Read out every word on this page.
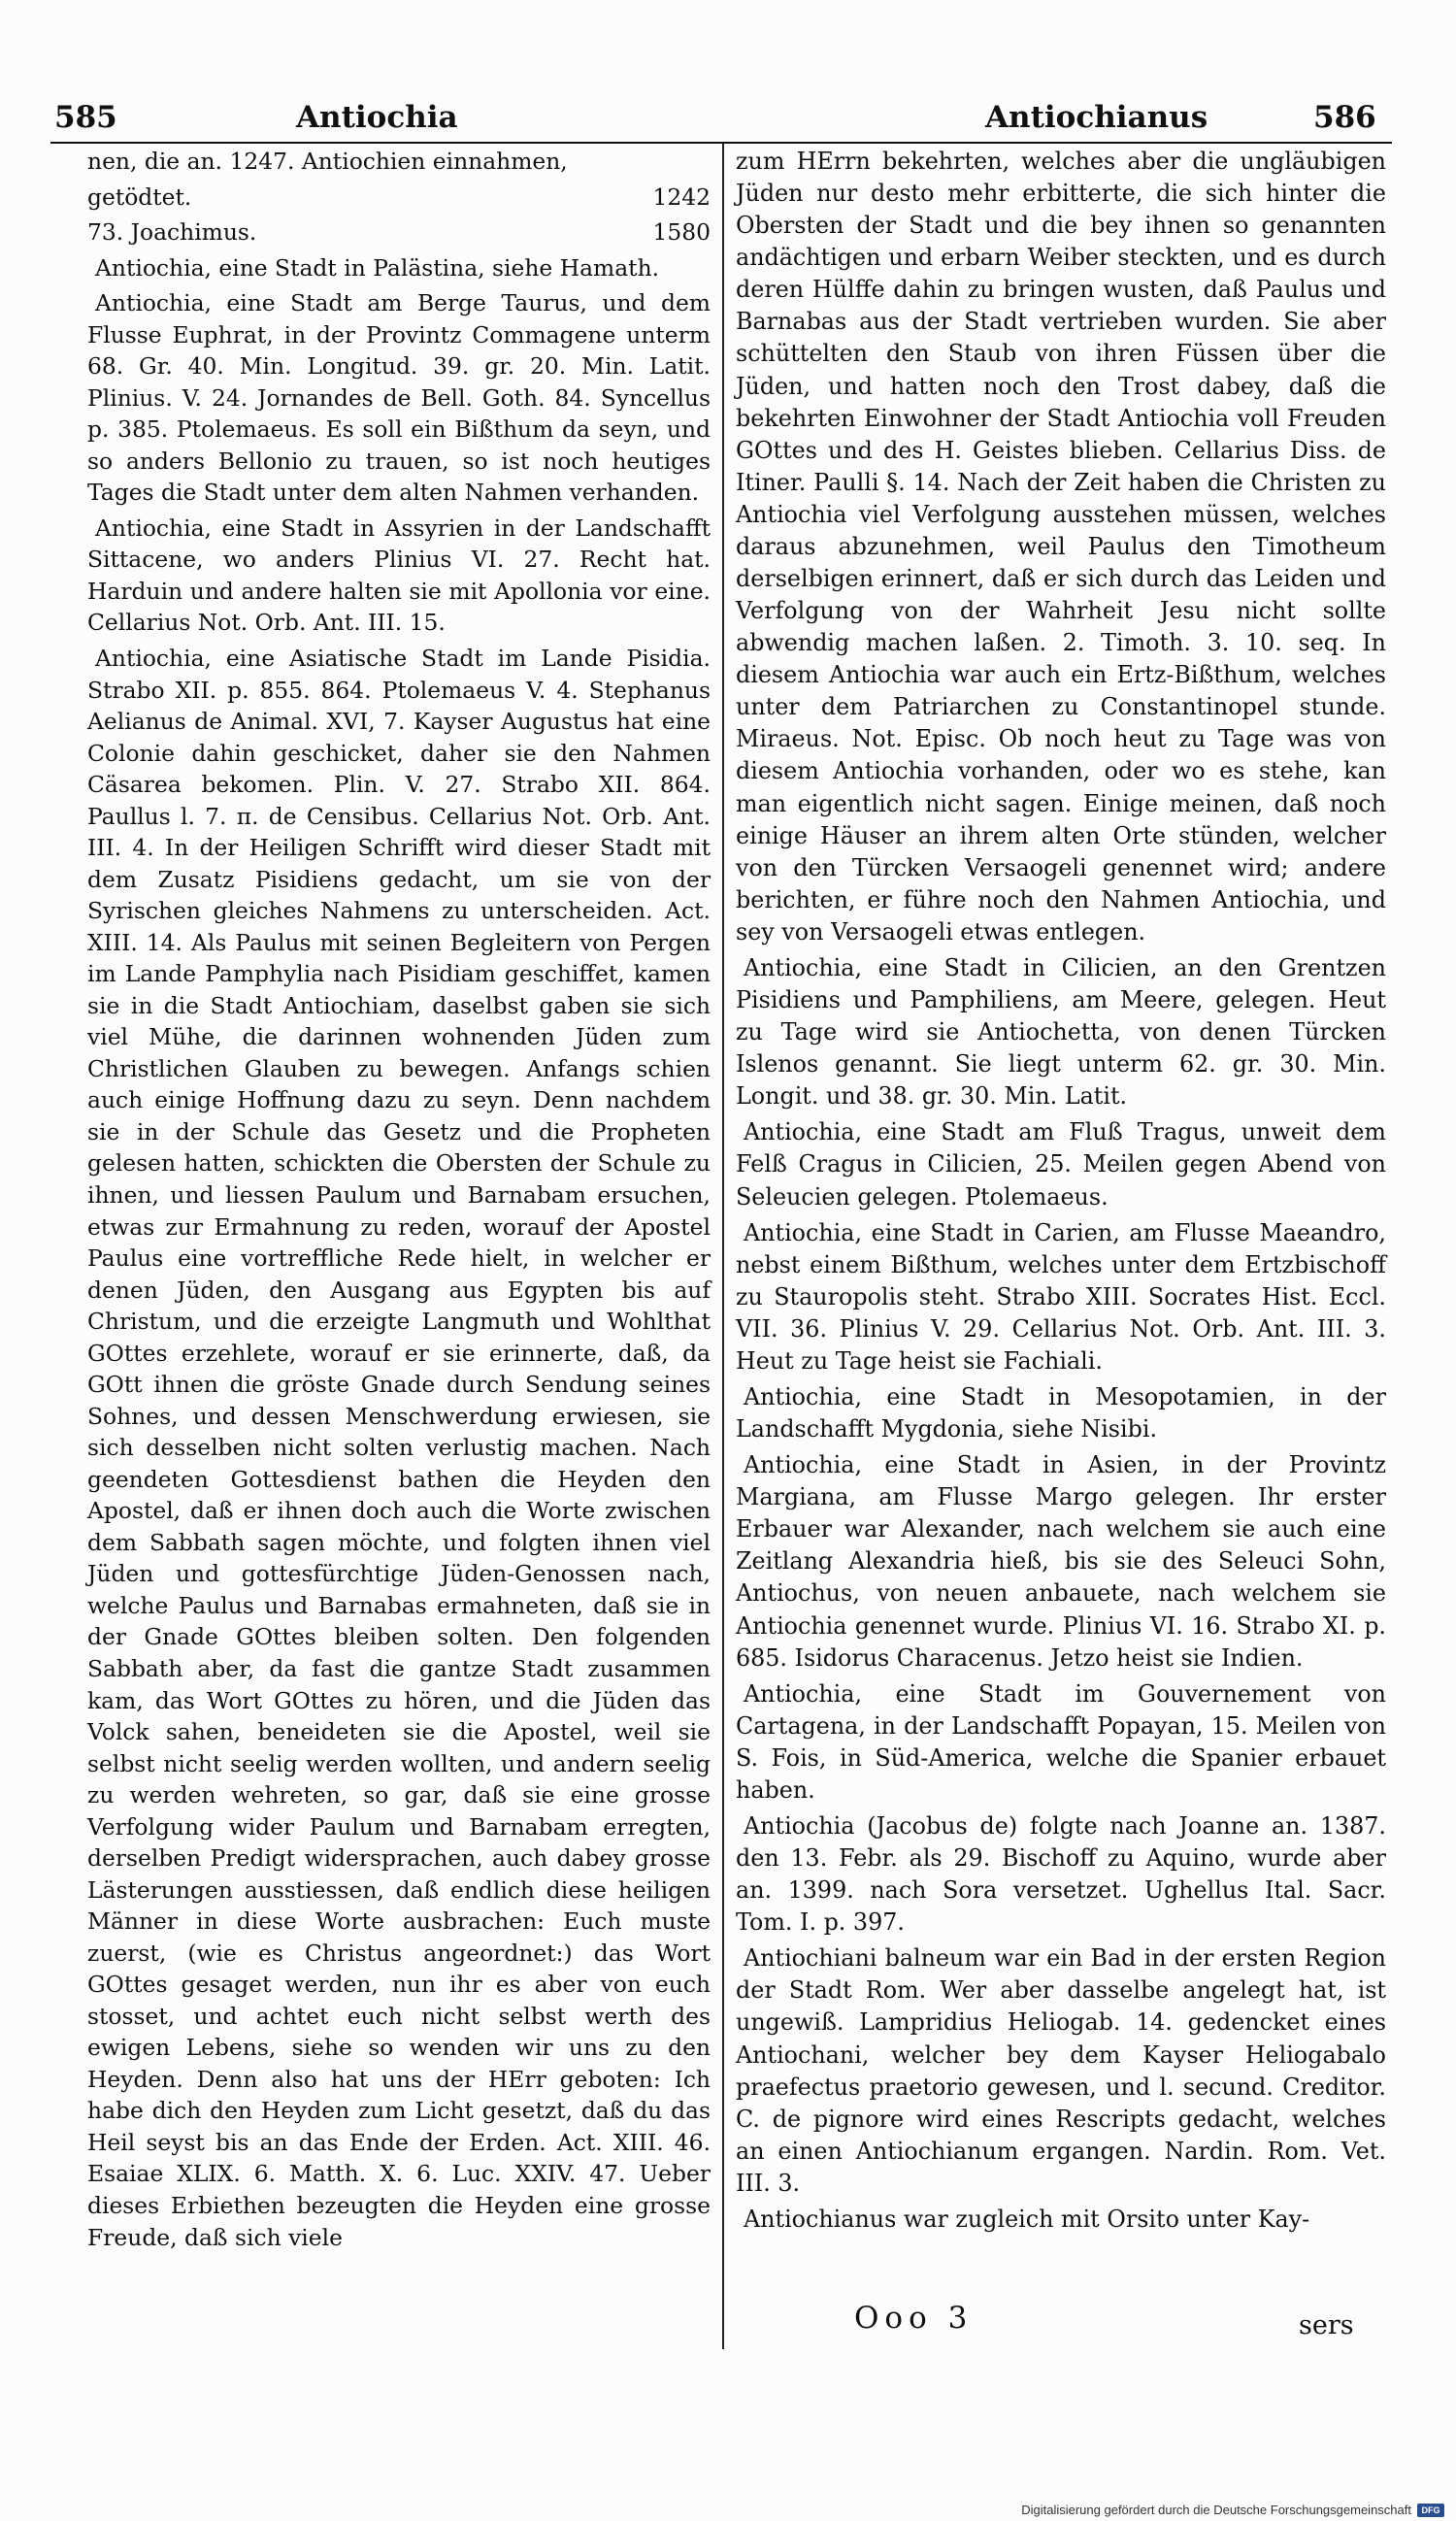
585	Antiochia	Antiochianus	586

nen, die an. 1247. Antiochien einnahmen,

getödtet.	1242

73. Joachimus.	1580

Antiochia, eine Stadt in Palästina, siehe Hamath.

Antiochia, eine Stadt am Berge Taurus, und dem Flusse Euphrat, in der Provintz Commagene unterm 68. Gr. 40. Min. Longitud. 39. gr. 20. Min. Latit. Plinius. V. 24. Jornandes de Bell. Goth. 84. Syncellus p. 385. Ptolemaeus. Es soll ein Bißthum da seyn, und so anders Bellonio zu trauen, so ist noch heutiges Tages die Stadt unter dem alten Nahmen verhanden.

Antiochia, eine Stadt in Assyrien in der Landschafft Sittacene, wo anders Plinius VI. 27. Recht hat. Harduin und andere halten sie mit Apollonia vor eine. Cellarius Not. Orb. Ant. III. 15.

Antiochia, eine Asiatische Stadt im Lande Pisidia. Strabo XII. p. 855. 864. Ptolemaeus V. 4. Stephanus Aelianus de Animal. XVI, 7. Kayser Augustus hat eine Colonie dahin geschicket, daher sie den Nahmen Cäsarea bekomen. Plin. V. 27. Strabo XII. 864. Paullus l. 7. π. de Censibus. Cellarius Not. Orb. Ant. III. 4. In der Heiligen Schrifft wird dieser Stadt mit dem Zusatz Pisidiens gedacht, um sie von der Syrischen gleiches Nahmens zu unterscheiden. Act. XIII. 14. Als Paulus mit seinen Begleitern von Pergen im Lande Pamphylia nach Pisidiam geschiffet, kamen sie in die Stadt Antiochiam, daselbst gaben sie sich viel Mühe, die darinnen wohnenden Jüden zum Christlichen Glauben zu bewegen. Anfangs schien auch einige Hoffnung dazu zu seyn. Denn nachdem sie in der Schule das Gesetz und die Propheten gelesen hatten, schickten die Obersten der Schule zu ihnen, und liessen Paulum und Barnabam ersuchen, etwas zur Ermahnung zu reden, worauf der Apostel Paulus eine vortreffliche Rede hielt, in welcher er denen Jüden, den Ausgang aus Egypten bis auf Christum, und die erzeigte Langmuth und Wohlthat GOttes erzehlete, worauf er sie erinnerte, daß, da GOtt ihnen die gröste Gnade durch Sendung seines Sohnes, und dessen Menschwerdung erwiesen, sie sich desselben nicht solten verlustig machen. Nach geendeten Gottesdienst bathen die Heyden den Apostel, daß er ihnen doch auch die Worte zwischen dem Sabbath sagen möchte, und folgten ihnen viel Jüden und gottesfürchtige Jüden-Genossen nach, welche Paulus und Barnabas ermahneten, daß sie in der Gnade GOttes bleiben solten. Den folgenden Sabbath aber, da fast die gantze Stadt zusammen kam, das Wort GOttes zu hören, und die Jüden das Volck sahen, beneideten sie die Apostel, weil sie selbst nicht seelig werden wollten, und andern seelig zu werden wehreten, so gar, daß sie eine grosse Verfolgung wider Paulum und Barnabam erregten, derselben Predigt widersprachen, auch dabey grosse Lästerungen ausstiessen, daß endlich diese heiligen Männer in diese Worte ausbrachen: Euch muste zuerst, (wie es Christus angeordnet:) das Wort GOttes gesaget werden, nun ihr es aber von euch stosset, und achtet euch nicht selbst werth des ewigen Lebens, siehe so wenden wir uns zu den Heyden. Denn also hat uns der HErr geboten: Ich habe dich den Heyden zum Licht gesetzt, daß du das Heil seyst bis an das Ende der Erden. Act. XIII. 46. Esaiae XLIX. 6. Matth. X. 6. Luc. XXIV. 47. Ueber dieses Erbiethen bezeugten die Heyden eine grosse Freude, daß sich viele

zum HErrn bekehrten, welches aber die ungläubigen Jüden nur desto mehr erbitterte, die sich hinter die Obersten der Stadt und die bey ihnen so genannten andächtigen und erbarn Weiber steckten, und es durch deren Hülffe dahin zu bringen wusten, daß Paulus und Barnabas aus der Stadt vertrieben wurden. Sie aber schüttelten den Staub von ihren Füssen über die Jüden, und hatten noch den Trost dabey, daß die bekehrten Einwohner der Stadt Antiochia voll Freuden GOttes und des H. Geistes blieben. Cellarius Diss. de Itiner. Paulli §. 14. Nach der Zeit haben die Christen zu Antiochia viel Verfolgung ausstehen müssen, welches daraus abzunehmen, weil Paulus den Timotheum derselbigen erinnert, daß er sich durch das Leiden und Verfolgung von der Wahrheit Jesu nicht sollte abwendig machen laßen. 2. Timoth. 3. 10. seq. In diesem Antiochia war auch ein Ertz-Bißthum, welches unter dem Patriarchen zu Constantinopel stunde. Miraeus. Not. Episc. Ob noch heut zu Tage was von diesem Antiochia vorhanden, oder wo es stehe, kan man eigentlich nicht sagen. Einige meinen, daß noch einige Häuser an ihrem alten Orte stünden, welcher von den Türcken Versaogeli genennet wird; andere berichten, er führe noch den Nahmen Antiochia, und sey von Versaogeli etwas entlegen.

Antiochia, eine Stadt in Cilicien, an den Grentzen Pisidiens und Pamphiliens, am Meere, gelegen. Heut zu Tage wird sie Antiochetta, von denen Türcken Islenos genannt. Sie liegt unterm 62. gr. 30. Min. Longit. und 38. gr. 30. Min. Latit.

Antiochia, eine Stadt am Fluß Tragus, unweit dem Felß Cragus in Cilicien, 25. Meilen gegen Abend von Seleucien gelegen. Ptolemaeus.

Antiochia, eine Stadt in Carien, am Flusse Maeandro, nebst einem Bißthum, welches unter dem Ertzbischoff zu Stauropolis steht. Strabo XIII. Socrates Hist. Eccl. VII. 36. Plinius V. 29. Cellarius Not. Orb. Ant. III. 3. Heut zu Tage heist sie Fachiali.

Antiochia, eine Stadt in Mesopotamien, in der Landschafft Mygdonia, siehe Nisibi.

Antiochia, eine Stadt in Asien, in der Provintz Margiana, am Flusse Margo gelegen. Ihr erster Erbauer war Alexander, nach welchem sie auch eine Zeitlang Alexandria hieß, bis sie des Seleuci Sohn, Antiochus, von neuen anbauete, nach welchem sie Antiochia genennet wurde. Plinius VI. 16. Strabo XI. p. 685. Isidorus Characenus. Jetzo heist sie Indien.

Antiochia, eine Stadt im Gouvernement von Cartagena, in der Landschafft Popayan, 15. Meilen von S. Fois, in Süd-America, welche die Spanier erbauet haben.

Antiochia (Jacobus de) folgte nach Joanne an. 1387. den 13. Febr. als 29. Bischoff zu Aquino, wurde aber an. 1399. nach Sora versetzet. Ughellus Ital. Sacr. Tom. I. p. 397.

Antiochiani balneum war ein Bad in der ersten Region der Stadt Rom. Wer aber dasselbe angelegt hat, ist ungewiß. Lampridius Heliogab. 14. gedencket eines Antiochani, welcher bey dem Kayser Heliogabalo praefectus praetorio gewesen, und l. secund. Creditor. C. de pignore wird eines Rescripts gedacht, welches an einen Antiochianum ergangen. Nardin. Rom. Vet. III. 3.

Antiochianus war zugleich mit Orsito unter Kay-

Ooo 3	sers
Digitalisierung gefördert durch die Deutsche Forschungsgemeinschaft	DFG
